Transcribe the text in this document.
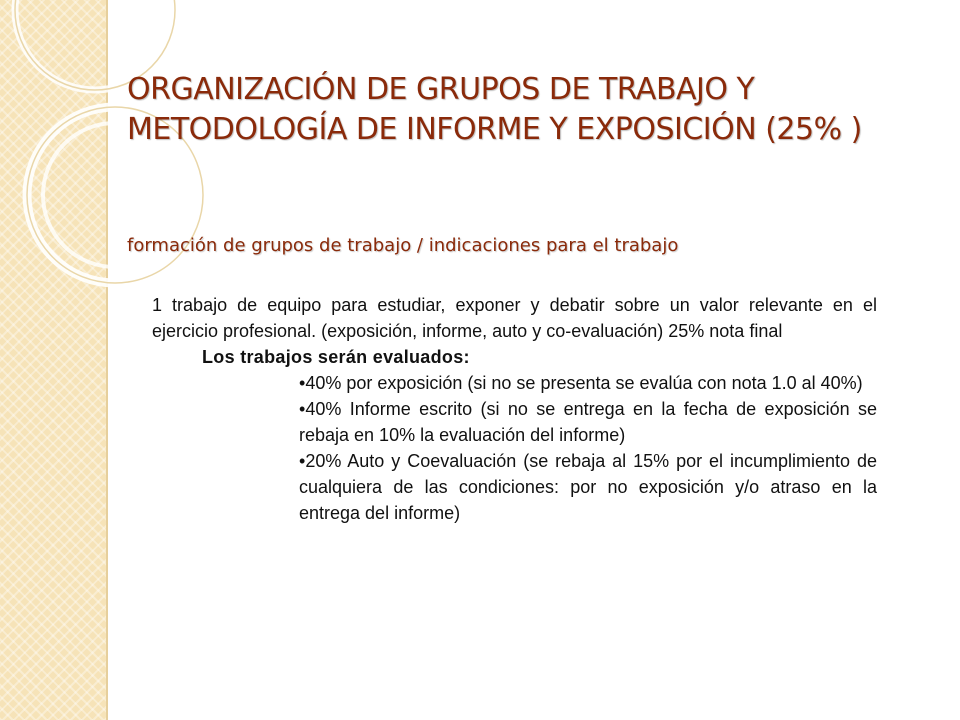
ORGANIZACIÓN DE GRUPOS DE TRABAJO Y METODOLOGÍA DE INFORME Y EXPOSICIÓN (25% )
formación de grupos de trabajo / indicaciones para el trabajo

1 trabajo de equipo para estudiar, exponer y debatir sobre un valor relevante en el ejercicio profesional. (exposición, informe, auto y co-evaluación) 25% nota final

Los trabajos serán evaluados:

• 40% por exposición (si no se presenta se evalúa con nota 1.0 al 40%)
• 40% Informe escrito (si no se entrega en la fecha de exposición se rebaja en 10% la evaluación del informe)
• 20% Auto y Coevaluación (se rebaja al 15% por el incumplimiento de cualquiera de las condiciones: por no exposición y/o atraso en la entrega del informe)
